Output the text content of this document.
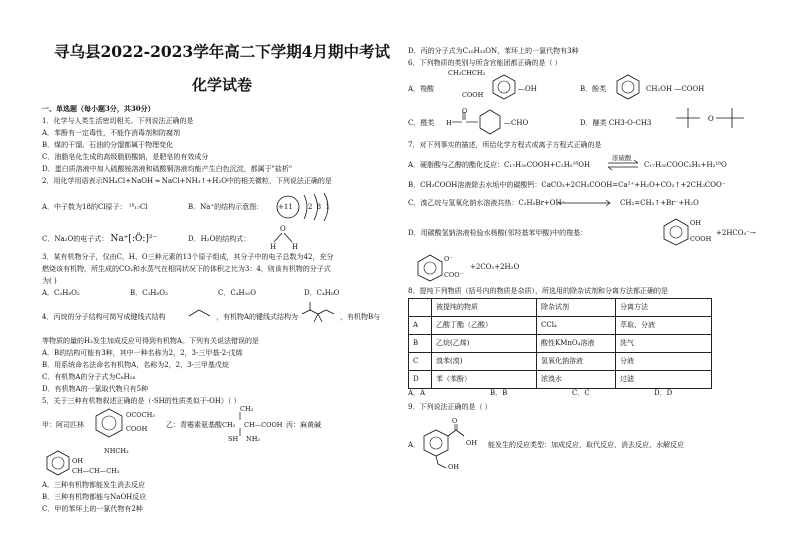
寻乌县2022-2023学年高二下学期4月期中考试
化学试卷
一、单选题（每小题3分，共30分）
1．化学与人类生活密切相关。下列说法正确的是
A．苯酚有一定毒性，不能作消毒剂和防腐剂
B．煤的干馏、石油的分馏都属于物理变化
C．油脂皂化生成的高级脂肪酸钠，是肥皂的有效成分
D．蛋白质溶液中加入硫酸铵溶液和硫酸铜溶液均能产生白色沉淀，都属于"盐析"
2．用化学用语表示NH₄Cl+NaOH ═ NaCl+NH₃↑+H₂O中的相关微粒，下列说法正确的是
A．中子数为18的Cl原子： ¹⁸₁₇Cl	B．Na⁺的结构示意图： +11 2 8 1
C．Na₂O的电子式： Na⁺[:Ö:]²⁻	D．H₂O的结构式：
O
H H
3．某有机物分子，仅由C、H、O三种元素的13个原子组成，其分子中的电子总数为42，充分
燃烧该有机物，所生成的CO₂和水蒸气在相同状况下的体积之比为3：4，则该有机物的分子式
为( )
A．C₃H₈O₂	B．C₃H₈O₃	C．C₄H₁₀O	D．C₄H₈O
4．丙烷的分子结构可简写成键线式结构	，有机物A的键线式结构为	，有机物B与
等物质的量的H₂发生加成反应可得到有机物A。下列有关说法错误的是
A．B的结构可能有3种，其中一种名称为2，2，3-三甲基-2-戊烯
B．用系统命名法命名有机物A，名称为2，2，3-三甲基戊烷
C．有机物A的分子式为C₈H₁₈
D．有机物A的一氯取代物只有5种
5．关于三种有机物叙述正确的是（-SH的性质类似于-OH）（ ）
甲：阿司匹林
OCOCH₃
COOH	乙：青霉素氨基酸
CH₃
CH₃ CH—COOH
SH NH₂
丙：麻黄碱
NHCH₃
OH
CH—CH—CH₃
A．三种有机物都能发生消去反应
B．三种有机物都能与NaOH反应
C．甲的苯环上的一氯代物有2种
D．丙的分子式为C₁₀H₁₅ON，苯环上的一氯代物有3种
6．下列物质的类别与所含官能团都正确的是（ ）
A．羧酸
CH₃CHCH₃
COOH
—OH	B．酚类	CH₂OH —COOH
C．醛类
O
H	—CHO	D．醚类 CH3-O-CH3	O
7．对下列事实的描述，所给化学方程式或离子方程式正确的是
A．硬脂酸与乙醇的酯化反应：C₁₇H₃₅COOH+C₂H₅¹⁸OH
浓硫酸
C₁₇H₃₅COOC₂H₅+H₂¹⁸O
B．CH₃COOH溶液除去水垢中的碳酸钙：CaCO₃+2CH₃COOH=Ca²⁺+H₂O+CO₂↑+2CH₃COO⁻
C．溴乙烷与氢氧化钠水溶液共热：C₂H₅Br+OH⁻	CH₂=CH₂↑+Br⁻+H₂O
D．用碳酸氢钠溶液检验水杨酸(邻羟基苯甲酸)中的羧基：
OH
COOH
+2HCO₃⁻→
O⁻
COO⁻
+2CO₂+2H₂O
8．提纯下列物质（括号内的物质是杂质），所选用的除杂试剂和分离方法都正确的是
	被提纯的物质	除杂试剂	分离方法
A	乙酸丁酯（乙酸）	CCl₄	萃取、分液
B	乙烷(乙烯)	酸性KMnO₄溶液	洗气
C	溴苯(溴)	氢氧化钠溶液	分液
D	苯（苯酚）	浓溴水	过滤
A．A	B．B	C．C	D．D
9．下列说法正确的是（ ）
A．
O
OH
OH
能发生的反应类型：加成反应、取代反应、消去反应、水解反应
